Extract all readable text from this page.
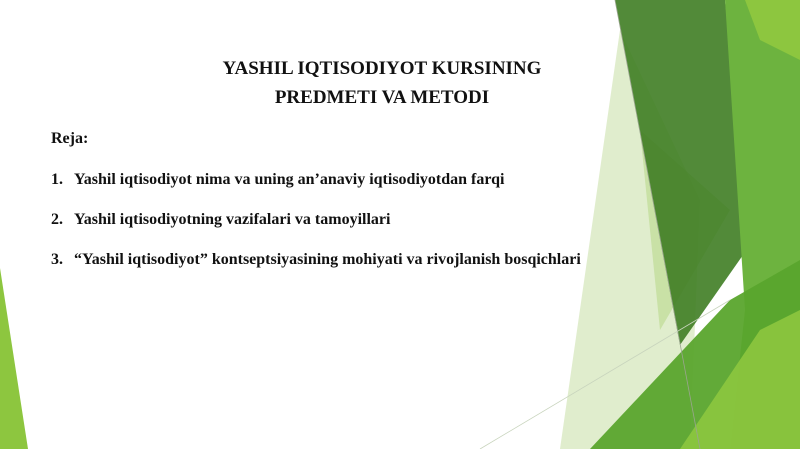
YASHIL IQTISODIYOT KURSINING
PREDMETI VA METODI
Reja:
1. Yashil iqtisodiyot nima va uning an’anaviy iqtisodiyotdan farqi
2. Yashil iqtisodiyotning vazifalari va tamoyillari
3. “Yashil iqtisodiyot” kontseptsiyasining mohiyati va rivojlanish bosqichlari
